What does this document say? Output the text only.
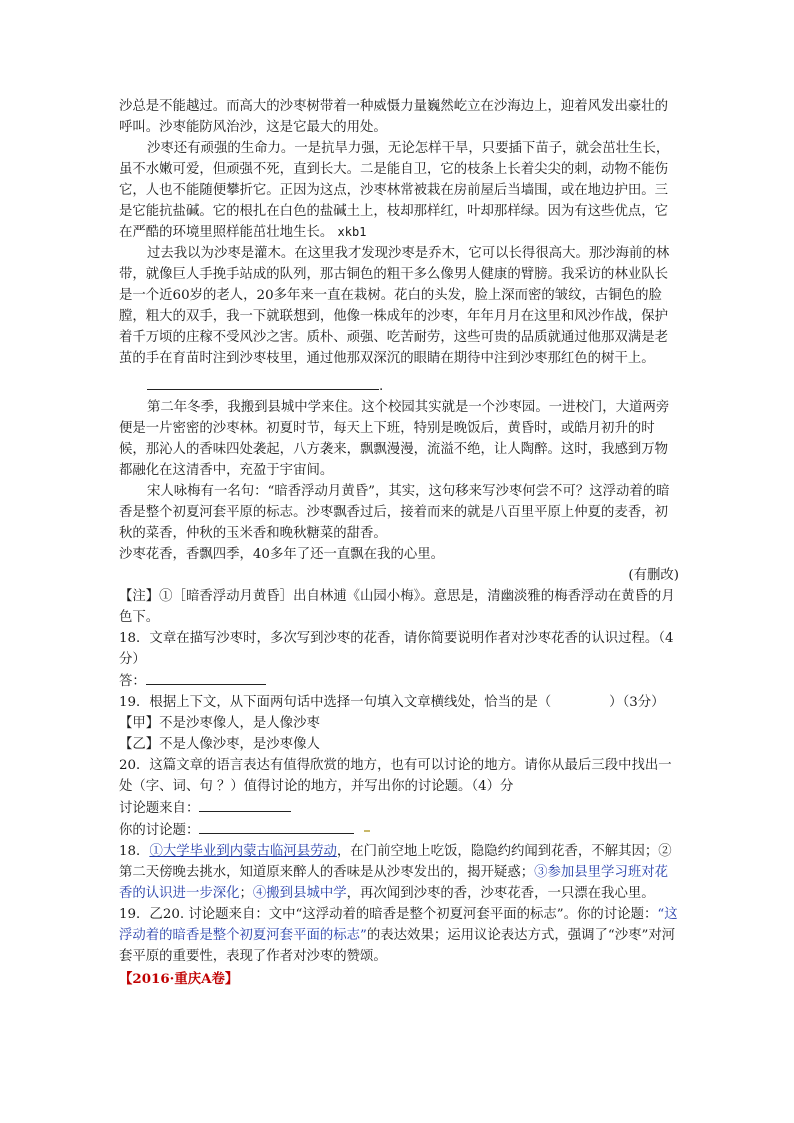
沙总是不能越过。而高大的沙枣树带着一种威慑力量巍然屹立在沙海边上，迎着风发出豪壮的呼叫。沙枣能防风治沙，这是它最大的用处。

沙枣还有顽强的生命力。一是抗旱力强，无论怎样干旱，只要插下苗子，就会茁壮生长，虽不水嫩可爱，但顽强不死，直到长大。二是能自卫，它的枝条上长着尖尖的刺，动物不能伤它，人也不能随便攀折它。正因为这点，沙枣林常被栽在房前屋后当墙围，或在地边护田。三是它能抗盐碱。它的根扎在白色的盐碱土上，枝却那样红，叶却那样绿。因为有这些优点，它在严酷的环境里照样能茁壮地生长。 xkb1

过去我以为沙枣是灌木。在这里我才发现沙枣是乔木，它可以长得很高大。那沙海前的林带，就像巨人手挽手站成的队列，那古铜色的粗干多么像男人健康的臂膀。我采访的林业队长是一个近60岁的老人，20多年来一直在栽树。花白的头发，脸上深而密的皱纹，古铜色的脸膛，粗大的双手，我一下就联想到，他像一株成年的沙枣，年年月月在这里和风沙作战，保护着千万顷的庄稼不受风沙之害。质朴、顽强、吃苦耐劳，这些可贵的品质就通过他那双满是老茧的手在育苗时注到沙枣枝里，通过他那双深沉的眼睛在期待中注到沙枣那红色的树干上。

.

第二年冬季，我搬到县城中学来住。这个校园其实就是一个沙枣园。一进校门，大道两旁便是一片密密的沙枣林。初夏时节，每天上下班，特别是晚饭后，黄昏时，或皓月初升的时候，那沁人的香味四处袭起，八方袭来，飘飘漫漫，流溢不绝，让人陶醉。这时，我感到万物都融化在这清香中，充盈于宇宙间。

宋人咏梅有一名句：“暗香浮动月黄昏”，其实，这句移来写沙枣何尝不可？这浮动着的暗香是整个初夏河套平原的标志。沙枣飘香过后，接着而来的就是八百里平原上仲夏的麦香，初秋的菜香，仲秋的玉米香和晚秋糖菜的甜香。

沙枣花香，香飘四季，40多年了还一直飘在我的心里。

(有删改)

【注】①［暗香浮动月黄昏］出自林逋《山园小梅》。意思是，清幽淡雅的梅香浮动在黄昏的月色下。

18．文章在描写沙枣时，多次写到沙枣的花香，请你简要说明作者对沙枣花香的认识过程。（4分）

答：

19．根据上下文，从下面两句话中选择一句填入文章横线处，恰当的是（	）（3分）

【甲】不是沙枣像人，是人像沙枣

【乙】不是人像沙枣，是沙枣像人

20．这篇文章的语言表达有值得欣赏的地方，也有可以讨论的地方。请你从最后三段中找出一处（字、词、句 ？）值得讨论的地方，并写出你的讨论题。（4）分

讨论题来自：

你的讨论题：

18．①大学毕业到内蒙古临河县劳动，在门前空地上吃饭，隐隐约约闻到花香，不解其因；②第二天傍晚去挑水，知道原来醉人的香味是从沙枣发出的，揭开疑惑；③参加县里学习班对花香的认识进一步深化；④搬到县城中学，再次闻到沙枣的香，沙枣花香，一只漂在我心里。

19．乙20. 讨论题来自：文中“这浮动着的暗香是整个初夏河套平面的标志”。你的讨论题：“这浮动着的暗香是整个初夏河套平面的标志”的表达效果；运用议论表达方式，强调了“沙枣”对河套平原的重要性，表现了作者对沙枣的赞颂。

【2016·重庆A卷】
